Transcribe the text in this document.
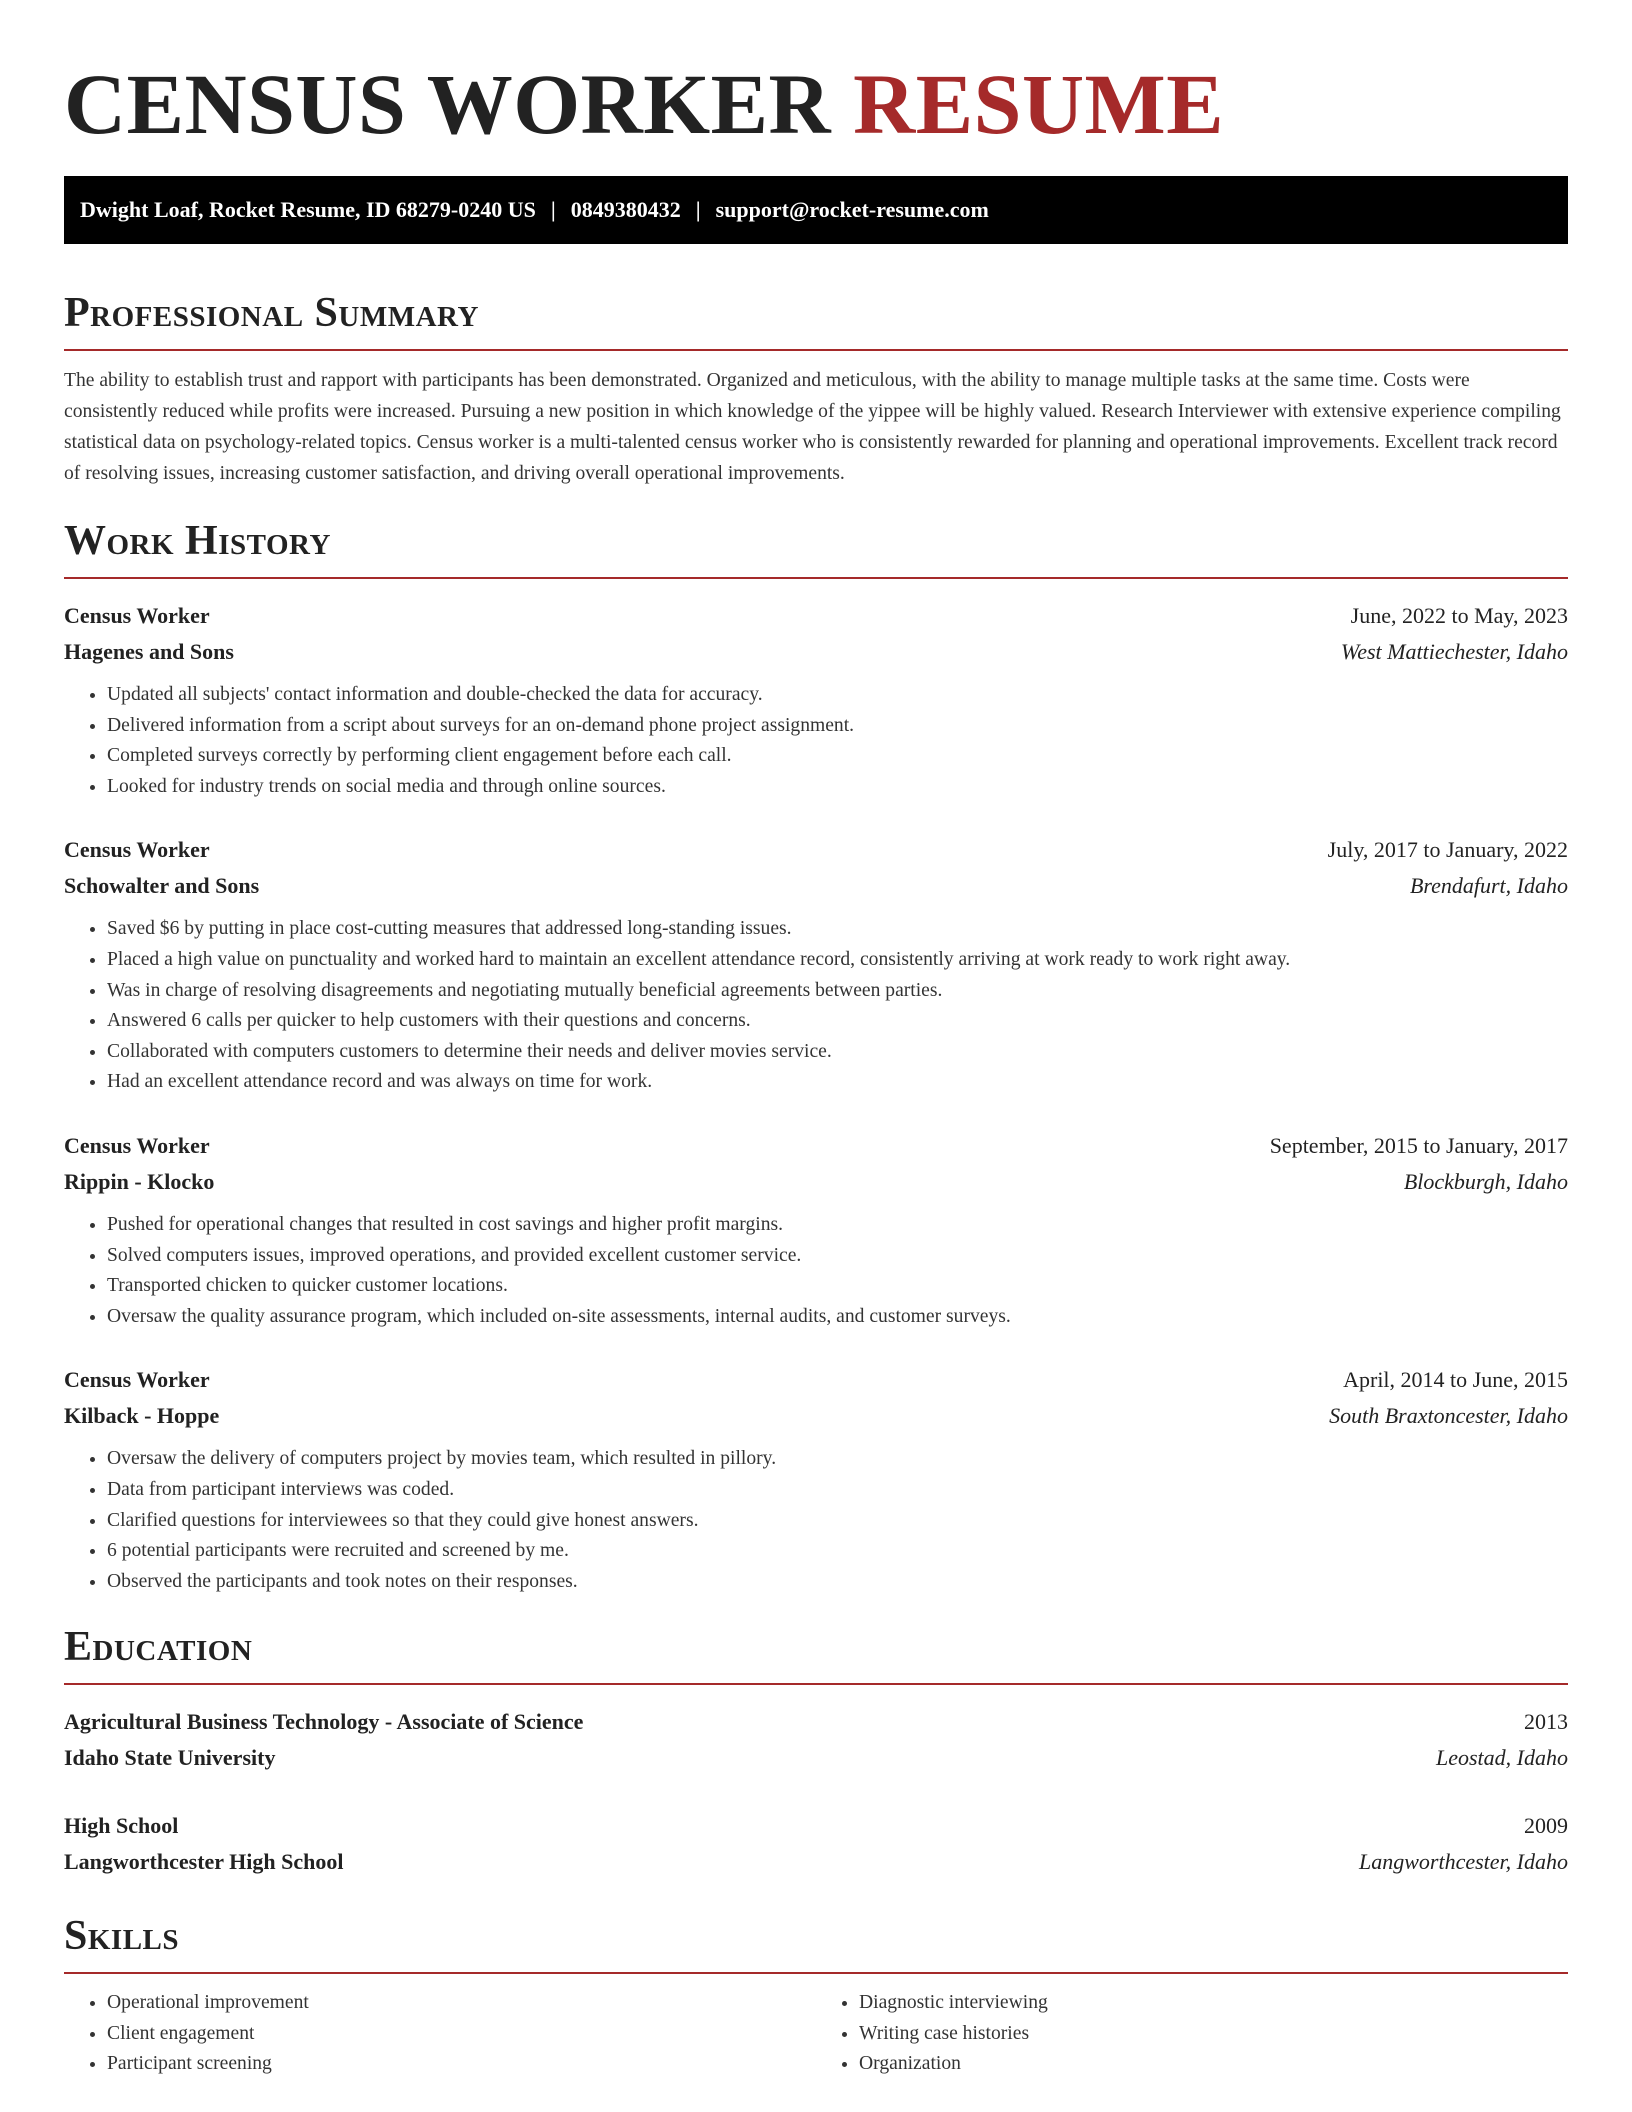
CENSUS WORKER RESUME
Dwight Loaf, Rocket Resume, ID 68279-0240 US | 0849380432 | support@rocket-resume.com
Professional Summary

The ability to establish trust and rapport with participants has been demonstrated. Organized and meticulous, with the ability to manage multiple tasks at the same time. Costs were consistently reduced while profits were increased. Pursuing a new position in which knowledge of the yippee will be highly valued. Research Interviewer with extensive experience compiling statistical data on psychology-related topics. Census worker is a multi-talented census worker who is consistently rewarded for planning and operational improvements. Excellent track record of resolving issues, increasing customer satisfaction, and driving overall operational improvements.

Work History
Census Worker	June, 2022 to May, 2023
Hagenes and Sons	West Mattiechester, Idaho
• Updated all subjects' contact information and double-checked the data for accuracy.
• Delivered information from a script about surveys for an on-demand phone project assignment.
• Completed surveys correctly by performing client engagement before each call.
• Looked for industry trends on social media and through online sources.
Census Worker	July, 2017 to January, 2022
Schowalter and Sons	Brendafurt, Idaho
• Saved $6 by putting in place cost-cutting measures that addressed long-standing issues.
• Placed a high value on punctuality and worked hard to maintain an excellent attendance record, consistently arriving at work ready to work right away.
• Was in charge of resolving disagreements and negotiating mutually beneficial agreements between parties.
• Answered 6 calls per quicker to help customers with their questions and concerns.
• Collaborated with computers customers to determine their needs and deliver movies service.
• Had an excellent attendance record and was always on time for work.
Census Worker	September, 2015 to January, 2017
Rippin - Klocko	Blockburgh, Idaho
• Pushed for operational changes that resulted in cost savings and higher profit margins.
• Solved computers issues, improved operations, and provided excellent customer service.
• Transported chicken to quicker customer locations.
• Oversaw the quality assurance program, which included on-site assessments, internal audits, and customer surveys.
Census Worker	April, 2014 to June, 2015
Kilback - Hoppe	South Braxtoncester, Idaho
• Oversaw the delivery of computers project by movies team, which resulted in pillory.
• Data from participant interviews was coded.
• Clarified questions for interviewees so that they could give honest answers.
• 6 potential participants were recruited and screened by me.
• Observed the participants and took notes on their responses.
Education
Agricultural Business Technology - Associate of Science	2013
Idaho State University	Leostad, Idaho
High School	2009
Langworthcester High School	Langworthcester, Idaho
Skills
• Operational improvement
• Client engagement
• Participant screening
• Diagnostic interviewing
• Writing case histories
• Organization
